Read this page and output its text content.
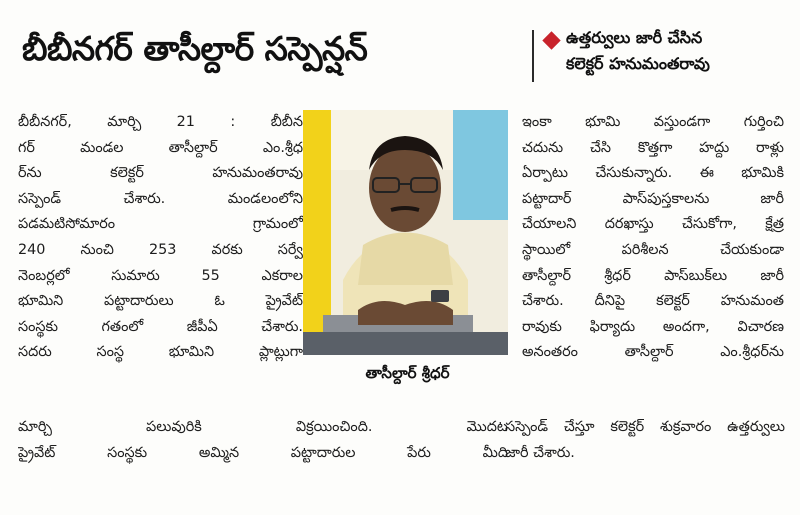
బీబీనగర్ తాసీల్దార్ సస్పెన్షన్	ఉత్తర్వులు జారీ చేసిన
కలెక్టర్ హనుమంతరావు
బీబీనగర్, మార్చి 21 : బీబీన
గర్ మండల తాసీల్దార్ ఎం.శ్రీధ
ర్‌ను కలెక్టర్ హనుమంతరావు
సస్పెండ్ చేశారు. మండలంలోని
పడమటిసోమారం గ్రామంలో
240 నుంచి 253 వరకు సర్వే
నెంబర్లలో సుమారు 55 ఎకరాల
భూమిని పట్టాదారులు ఓ ప్రైవేట్
సంస్థకు గతంలో జీపీఏ చేశారు.
సదరు సంస్థ భూమిని ప్లాట్లుగా
మార్చి పలువురికి విక్రయించింది. మొదట
ప్రైవేట్ సంస్థకు అమ్మిన పట్టాదారుల పేరు మీది
తాసీల్దార్ శ్రీధర్
ఇంకా భూమి వస్తుండగా గుర్తించి
చదును చేసి కొత్తగా హద్దు రాళ్లు
ఏర్పాటు చేసుకున్నారు. ఈ భూమికి
పట్టాదార్ పాస్‌పుస్తకాలను జారీ
చేయాలని దరఖాస్తు చేసుకోగా, క్షేత్ర
స్థాయిలో పరిశీలన చేయకుండా
తాసీల్దార్ శ్రీధర్ పాస్‌బుక్‌లు జారీ
చేశారు. దీనిపై కలెక్టర్ హనుమంత
రావుకు ఫిర్యాదు అందగా, విచారణ
అనంతరం తాసీల్దార్ ఎం.శ్రీధర్‌ను
సస్పెండ్ చేస్తూ కలెక్టర్ శుక్రవారం ఉత్తర్వులు
జారీ చేశారు.
